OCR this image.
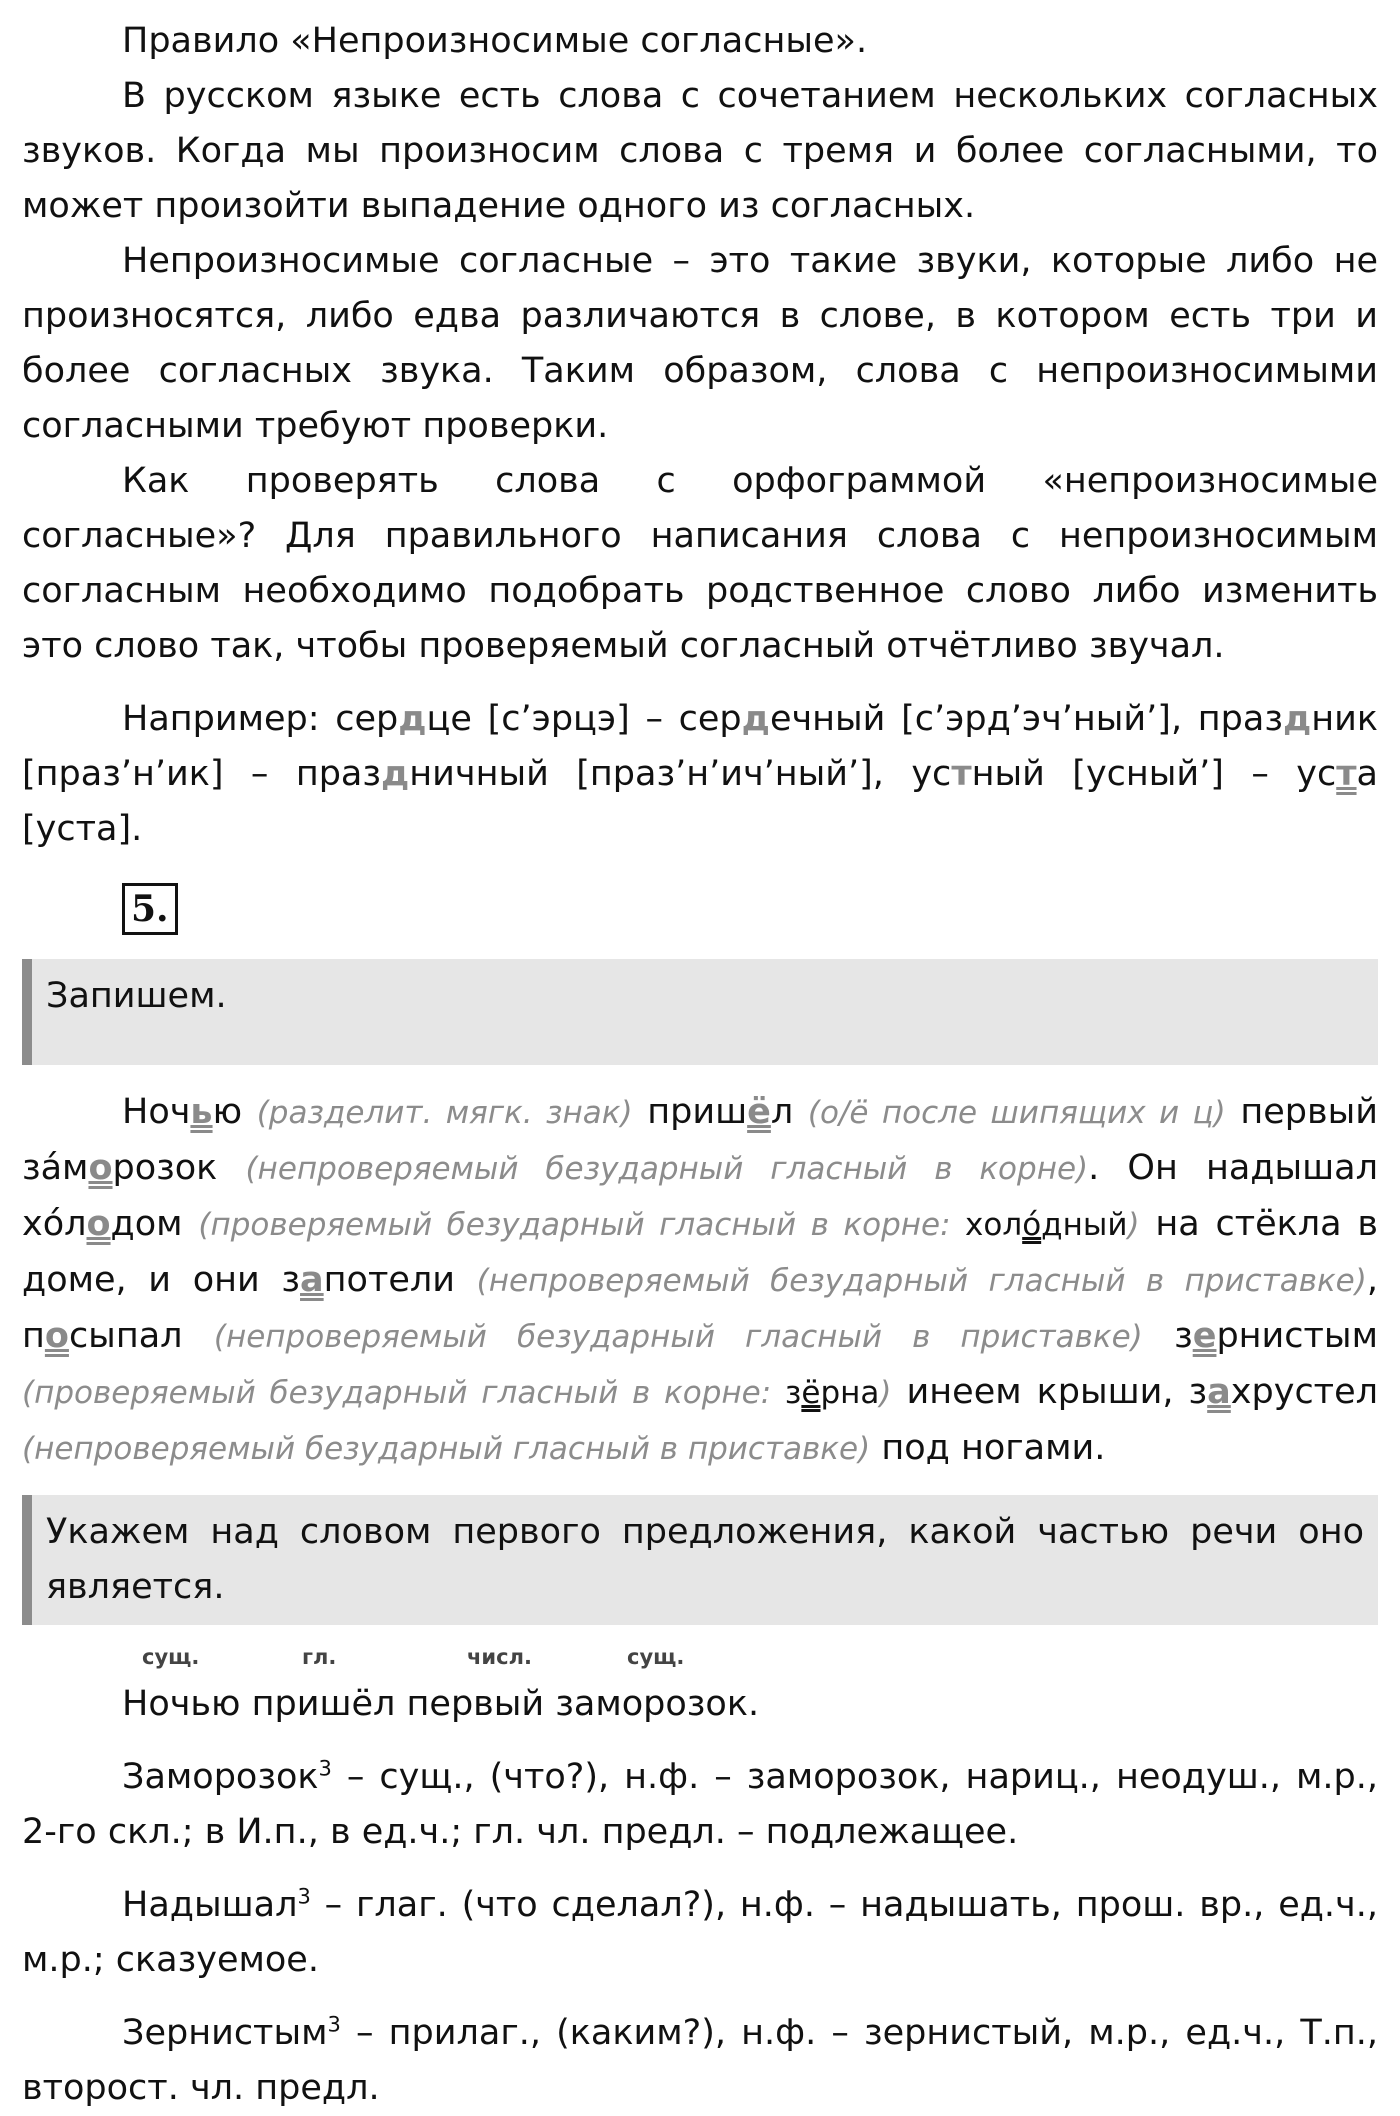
Правило «Непроизносимые согласные».

В русском языке есть слова с сочетанием нескольких согласных звуков. Когда мы произносим слова с тремя и более согласными, то может произойти выпадение одного из согласных.

Непроизносимые согласные – это такие звуки, которые либо не произносятся, либо едва различаются в слове, в котором есть три и более согласных звука. Таким образом, слова с непроизносимыми согласными требуют проверки.

Как проверять слова с орфограммой «непроизносимые согласные»? Для правильного написания слова с непроизносимым согласным необходимо подобрать родственное слово либо изменить это слово так, чтобы проверяемый согласный отчётливо звучал.

Например: сердце [с’эрцэ] – сердечный [с’эрд’эч’ный’], праздник [праз’н’ик] – праздничный [праз’н’ич’ный’], устный [усный’] – уста [уста].

5.
Запишем.

Ночью (разделит. мягк. знак) пришёл (о/ё после шипящих и ц) первый за́морозок (непроверяемый безударный гласный в корне). Он надышал хо́лодом (проверяемый безударный гласный в корне: холо́дный) на стёкла в доме, и они запотели (непроверяемый безударный гласный в приставке), посыпал (непроверяемый безударный гласный в приставке) зернистым (проверяемый безударный гласный в корне: зёрна) инеем крыши, захрустел (непроверяемый безударный гласный в приставке) под ногами.

Укажем над словом первого предложения, какой частью речи оно является.
сущ.	гл.	числ.	сущ.

Ночью пришёл первый заморозок.

Заморозок$^3$ – сущ., (что?), н.ф. – заморозок, нариц., неодуш., м.р., 2-го скл.; в И.п., в ед.ч.; гл. чл. предл. – подлежащее.

Надышал$^3$ – глаг. (что сделал?), н.ф. – надышать, прош. вр., ед.ч., м.р.; сказуемое.

Зернистым$^3$ – прилаг., (каким?), н.ф. – зернистый, м.р., ед.ч., Т.п., второст. чл. предл.
